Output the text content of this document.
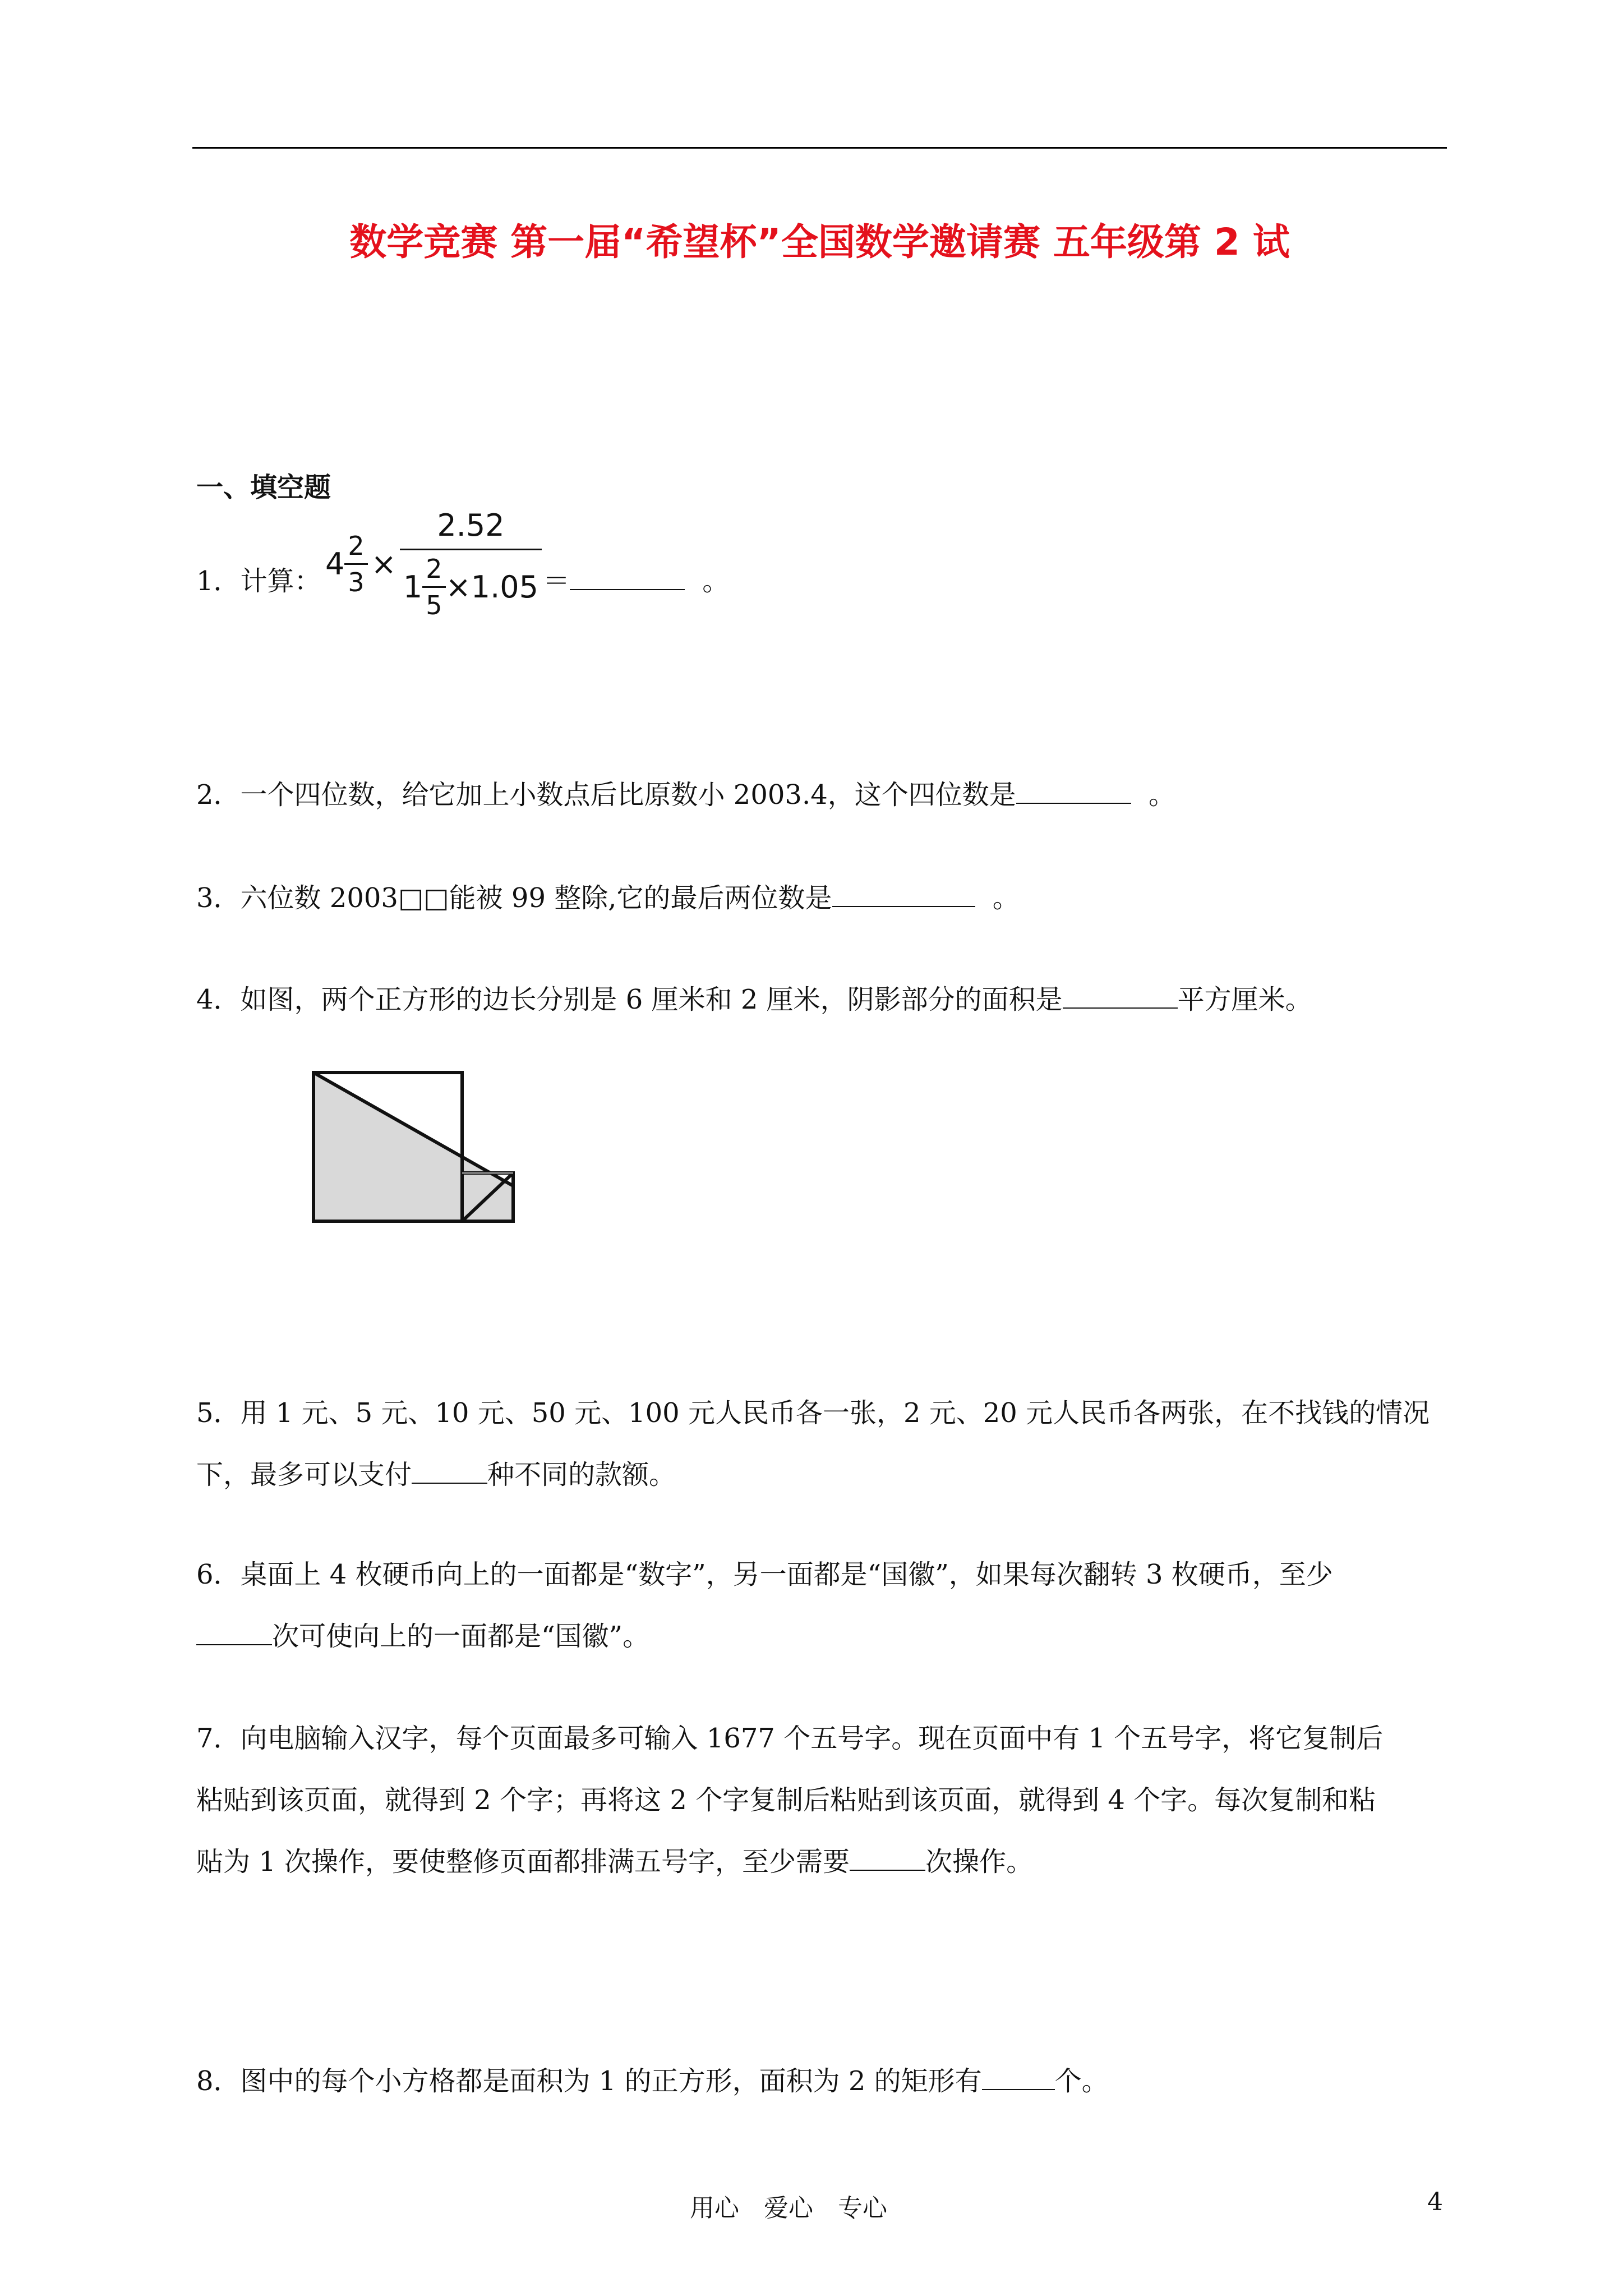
数学竞赛 第一届“希望杯”全国数学邀请赛 五年级第 2 试
一、填空题
1．计算： $4 \frac{2}{3} \times \frac{2.52}{1 \frac{2}{5} \times 1.05}$ ＝	。
2．一个四位数，给它加上小数点后比原数小 2003.4，这个四位数是	。
3．六位数 2003□□能被 99 整除,它的最后两位数是	。
4．如图，两个正方形的边长分别是 6 厘米和 2 厘米，阴影部分的面积是	平方厘米。
5．用 1 元、5 元、10 元、50 元、100 元人民币各一张，2 元、20 元人民币各两张，在不找钱的情况
下，最多可以支付	种不同的款额。
6．桌面上 4 枚硬币向上的一面都是“数字”，另一面都是“国徽”，如果每次翻转 3 枚硬币，至少
次可使向上的一面都是“国徽”。
7．向电脑输入汉字，每个页面最多可输入 1677 个五号字。现在页面中有 1 个五号字，将它复制后
粘贴到该页面，就得到 2 个字；再将这 2 个字复制后粘贴到该页面，就得到 4 个字。每次复制和粘
贴为 1 次操作，要使整修页面都排满五号字，至少需要	次操作。
8．图中的每个小方格都是面积为 1 的正方形，面积为 2 的矩形有	个。
用心　爱心　专心	4
